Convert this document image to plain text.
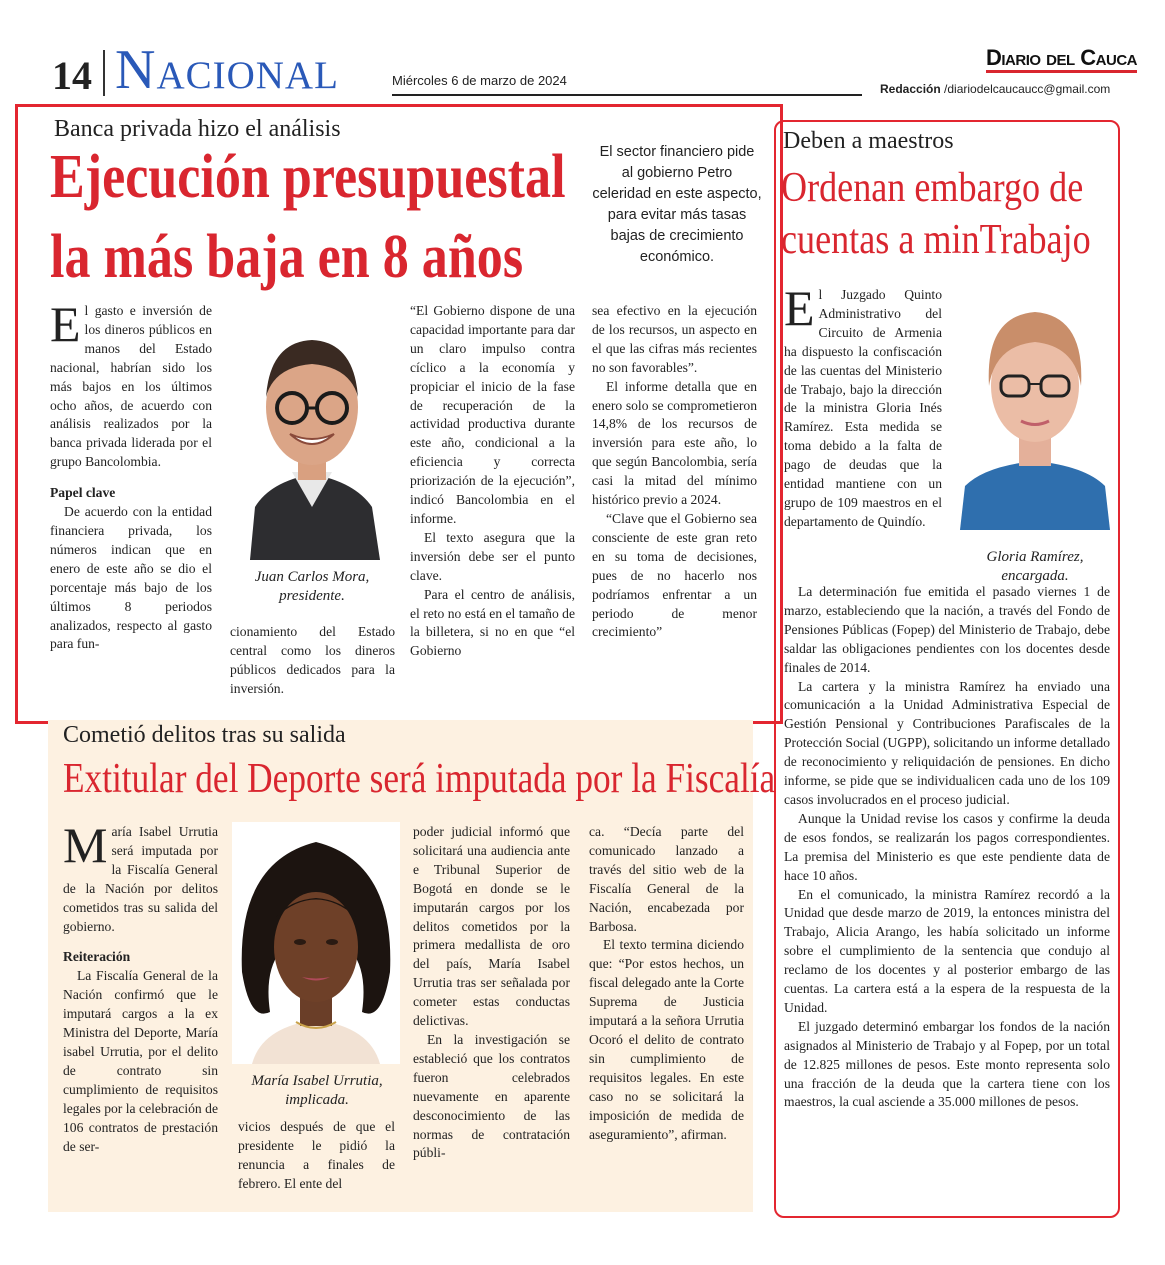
14 Nacional	Miércoles 6 de marzo de 2024
Diario del Cauca
Redacción /diariodelcaucaucc@gmail.com
Banca privada hizo el análisis
Ejecución presupuestal
la más baja en 8 años
El sector financiero pide al gobierno Petro celeridad en este aspecto, para evitar más tasas bajas de crecimiento económico.

El gasto e inversión de los dineros públicos en manos del Estado nacional, habrían sido los más bajos en los últimos ocho años, de acuerdo con análisis realizados por la banca privada liderada por el grupo Bancolombia.

Papel clave

De acuerdo con la entidad financiera privada, los números indican que en enero de este año se dio el porcentaje más bajo de los últimos 8 periodos analizados, respecto al gasto para fun-

Juan Carlos Mora,
presidente.

cionamiento del Estado central como los dineros públicos dedicados para la inversión.

“El Gobierno dispone de una capacidad importante para dar un claro impulso contra cíclico a la economía y propiciar el inicio de la fase de recuperación de la actividad productiva durante este año, condicional a la eficiencia y correcta priorización de la ejecución”, indicó Bancolombia en el informe.

El texto asegura que la inversión debe ser el punto clave.

Para el centro de análisis, el reto no está en el tamaño de la billetera, si no en que “el Gobierno

sea efectivo en la ejecución de los recursos, un aspecto en el que las cifras más recientes no son favorables”.

El informe detalla que en enero solo se comprometieron 14,8% de los recursos de inversión para este año, lo que según Bancolombia, sería casi la mitad del mínimo histórico previo a 2024.

“Clave que el Gobierno sea consciente de este gran reto en su toma de decisiones, pues de no hacerlo nos podríamos enfrentar a un periodo de menor crecimiento”

Cometió delitos tras su salida
Extitular del Deporte será imputada por la Fiscalía

María Isabel Urrutia será imputada por la Fiscalía General de la Nación por delitos cometidos tras su salida del gobierno.

Reiteración

La Fiscalía General de la Nación confirmó que le imputará cargos a la ex Ministra del Deporte, María isabel Urrutia, por el delito de contrato sin cumplimiento de requisitos legales por la celebración de 106 contratos de prestación de ser-

María Isabel Urrutia,
implicada.

vicios después de que el presidente le pidió la renuncia a finales de febrero. El ente del

poder judicial informó que solicitará una audiencia ante e Tribunal Superior de Bogotá en donde se le imputarán cargos por los delitos cometidos por la primera medallista de oro del país, María Isabel Urrutia tras ser señalada por cometer estas conductas delictivas.

En la investigación se estableció que los contratos fueron celebrados nuevamente en aparente desconocimiento de las normas de contratación públi-

ca. “Decía parte del comunicado lanzado a través del sitio web de la Fiscalía General de la Nación, encabezada por Barbosa.

El texto termina diciendo que: “Por estos hechos, un fiscal delegado ante la Corte Suprema de Justicia imputará a la señora Urrutia Ocoró el delito de contrato sin cumplimiento de requisitos legales. En este caso no se solicitará la imposición de medida de aseguramiento”, afirman.

Deben a maestros
Ordenan embargo de
cuentas a minTrabajo
Gloria Ramírez,
encargada.

El Juzgado Quinto Administrativo del Circuito de Armenia ha dispuesto la confiscación de las cuentas del Ministerio de Trabajo, bajo la dirección de la ministra Gloria Inés Ramírez. Esta medida se toma debido a la falta de pago de deudas que la entidad mantiene con un grupo de 109 maestros en el departamento de Quindío.

La determinación fue emitida el pasado viernes 1 de marzo, estableciendo que la nación, a través del Fondo de Pensiones Públicas (Fopep) del Ministerio de Trabajo, debe saldar las obligaciones pendientes con los docentes desde finales de 2014.

La cartera y la ministra Ramírez ha enviado una comunicación a la Unidad Administrativa Especial de Gestión Pensional y Contribuciones Parafiscales de la Protección Social (UGPP), solicitando un informe detallado de reconocimiento y reliquidación de pensiones. En dicho informe, se pide que se individualicen cada uno de los 109 casos involucrados en el proceso judicial.

Aunque la Unidad revise los casos y confirme la deuda de esos fondos, se realizarán los pagos correspondientes. La premisa del Ministerio es que este pendiente data de hace 10 años.

En el comunicado, la ministra Ramírez recordó a la Unidad que desde marzo de 2019, la entonces ministra del Trabajo, Alicia Arango, les había solicitado un informe sobre el cumplimiento de la sentencia que condujo al reclamo de los docentes y al posterior embargo de las cuentas. La cartera está a la espera de la respuesta de la Unidad.

El juzgado determinó embargar los fondos de la nación asignados al Ministerio de Trabajo y al Fopep, por un total de 12.825 millones de pesos. Este monto representa solo una fracción de la deuda que la cartera tiene con los maestros, la cual asciende a 35.000 millones de pesos.
